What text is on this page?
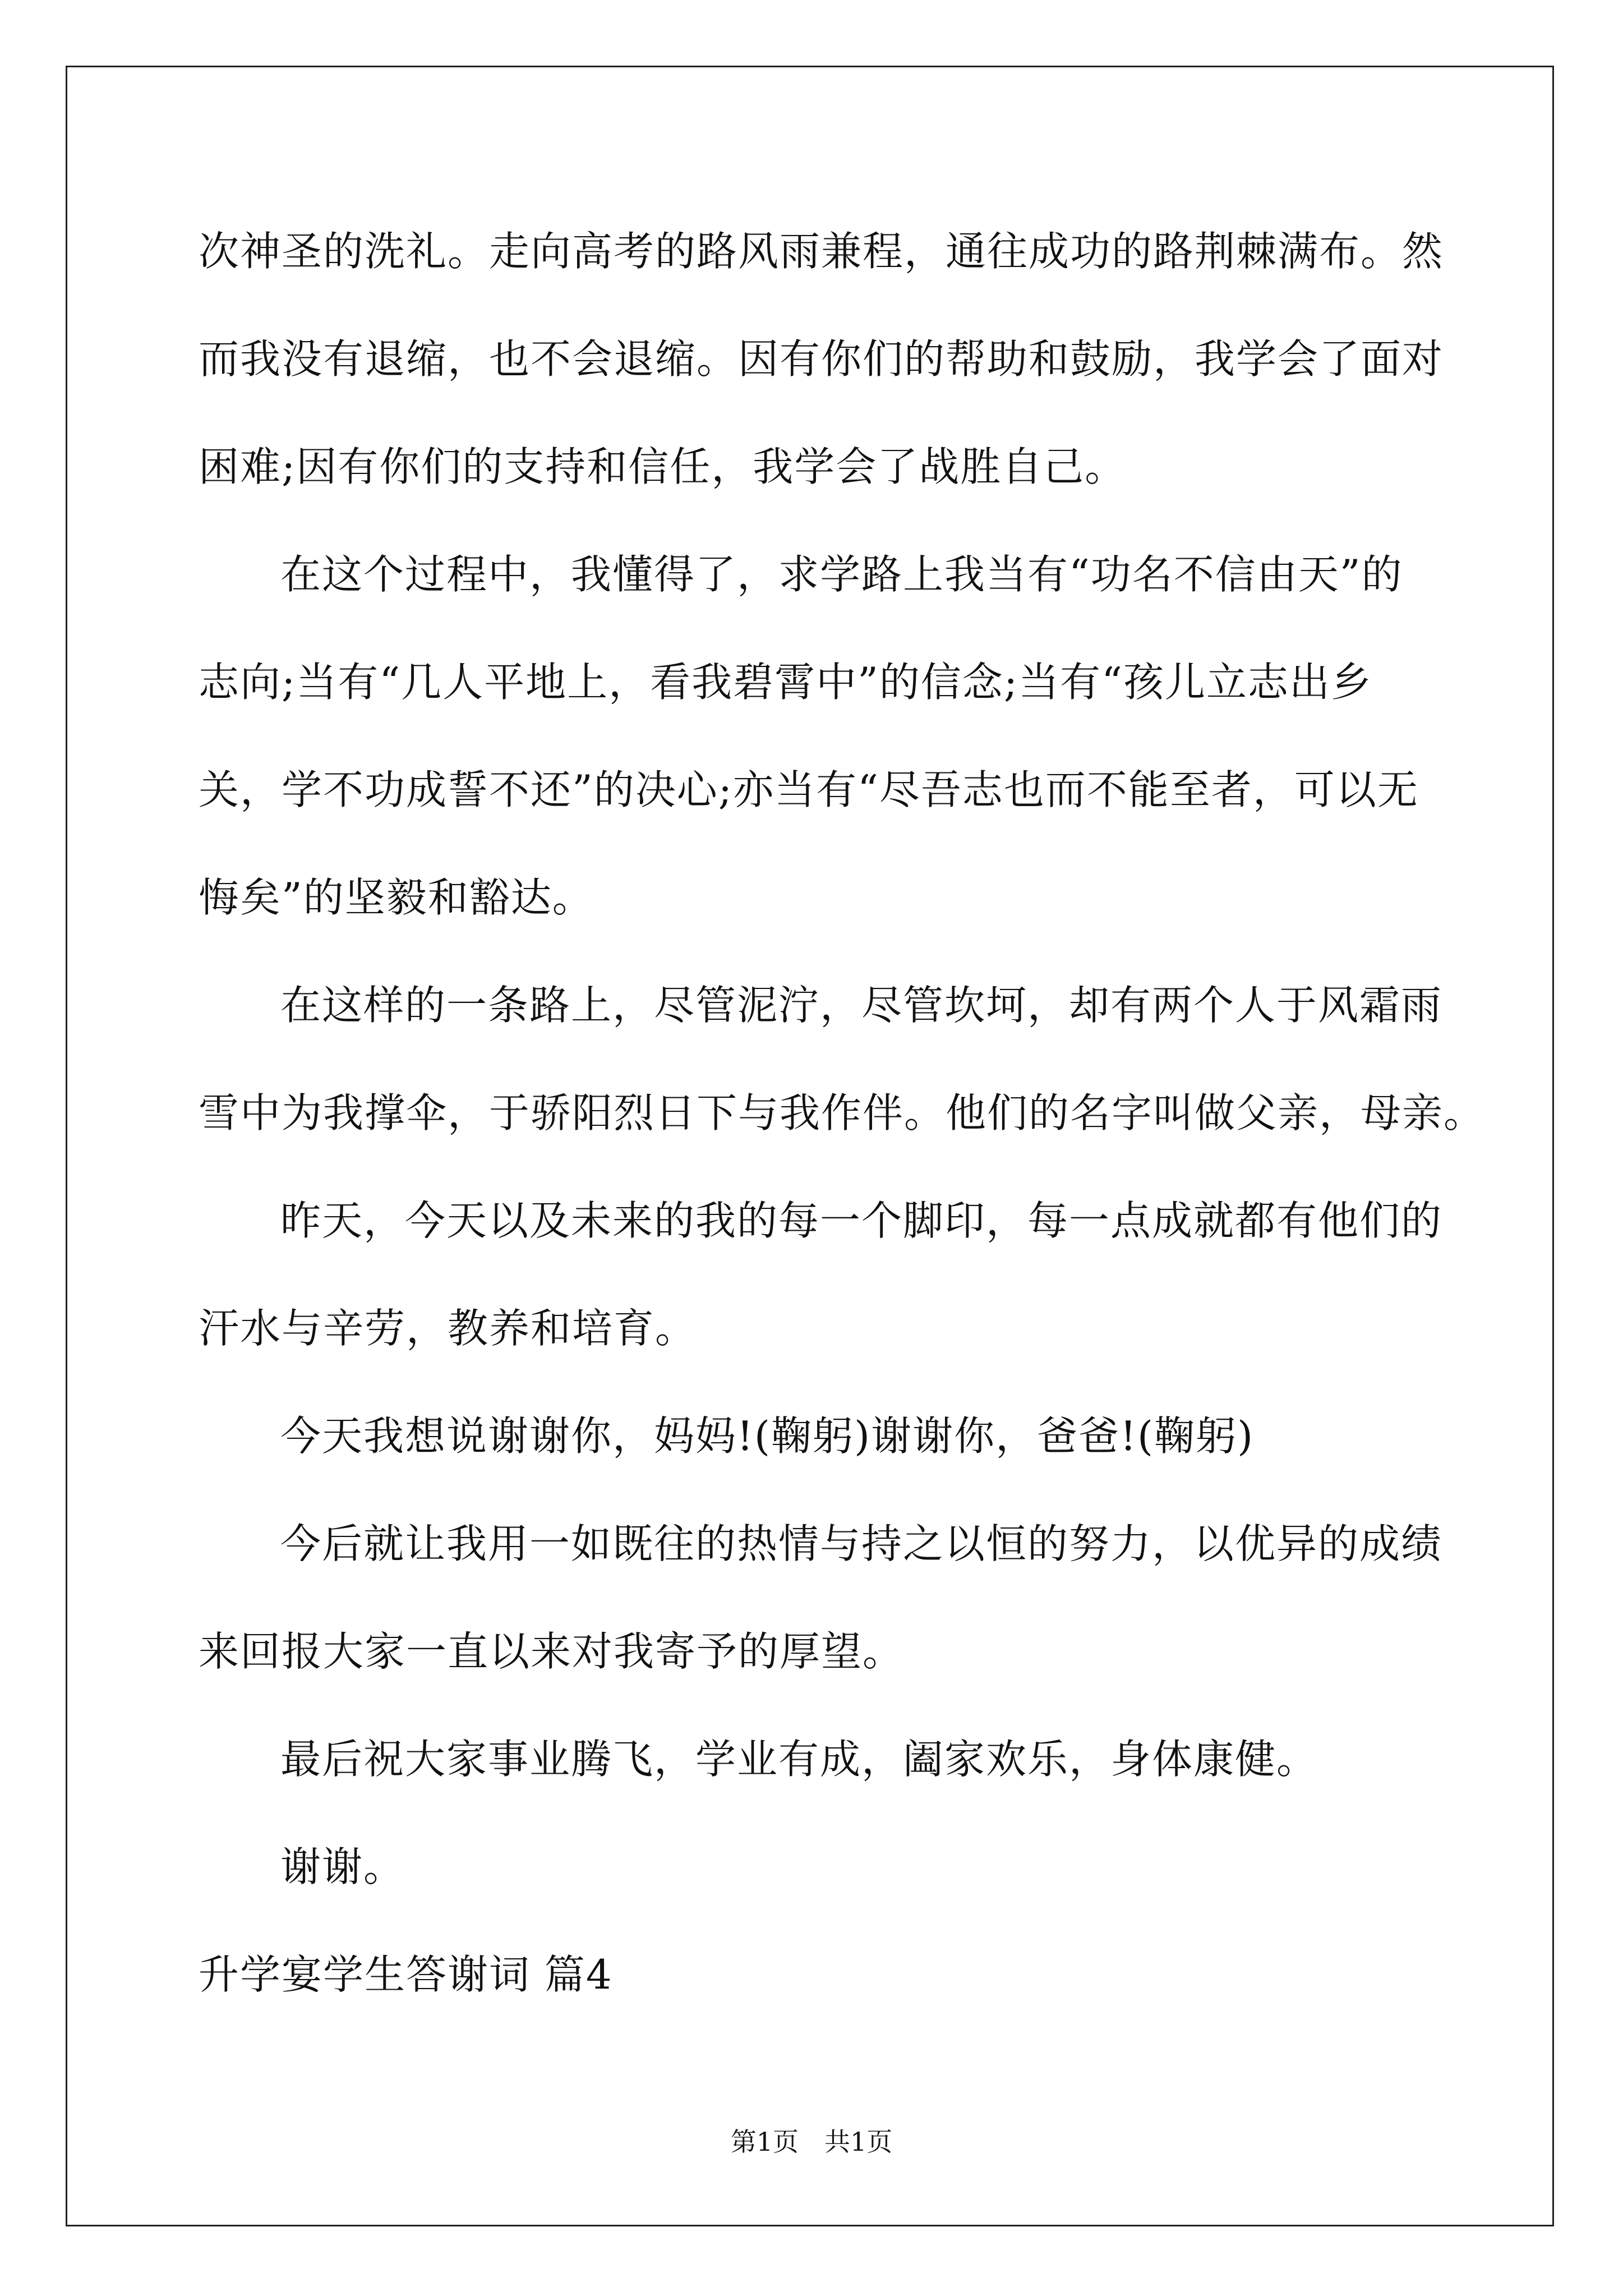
次神圣的洗礼。走向高考的路风雨兼程，通往成功的路荆棘满布。然
而我没有退缩，也不会退缩。因有你们的帮助和鼓励，我学会了面对
困难;因有你们的支持和信任，我学会了战胜自己。
在这个过程中，我懂得了，求学路上我当有“功名不信由天”的
志向;当有“几人平地上，看我碧霄中”的信念;当有“孩儿立志出乡
关，学不功成誓不还”的决心;亦当有“尽吾志也而不能至者，可以无
悔矣”的坚毅和豁达。
在这样的一条路上，尽管泥泞，尽管坎坷，却有两个人于风霜雨
雪中为我撑伞，于骄阳烈日下与我作伴。他们的名字叫做父亲，母亲。
昨天，今天以及未来的我的每一个脚印，每一点成就都有他们的
汗水与辛劳，教养和培育。
今天我想说谢谢你，妈妈!(鞠躬)谢谢你，爸爸!(鞠躬)
今后就让我用一如既往的热情与持之以恒的努力，以优异的成绩
来回报大家一直以来对我寄予的厚望。
最后祝大家事业腾飞，学业有成，阖家欢乐，身体康健。
谢谢。
升学宴学生答谢词 篇4
第1页　共1页
